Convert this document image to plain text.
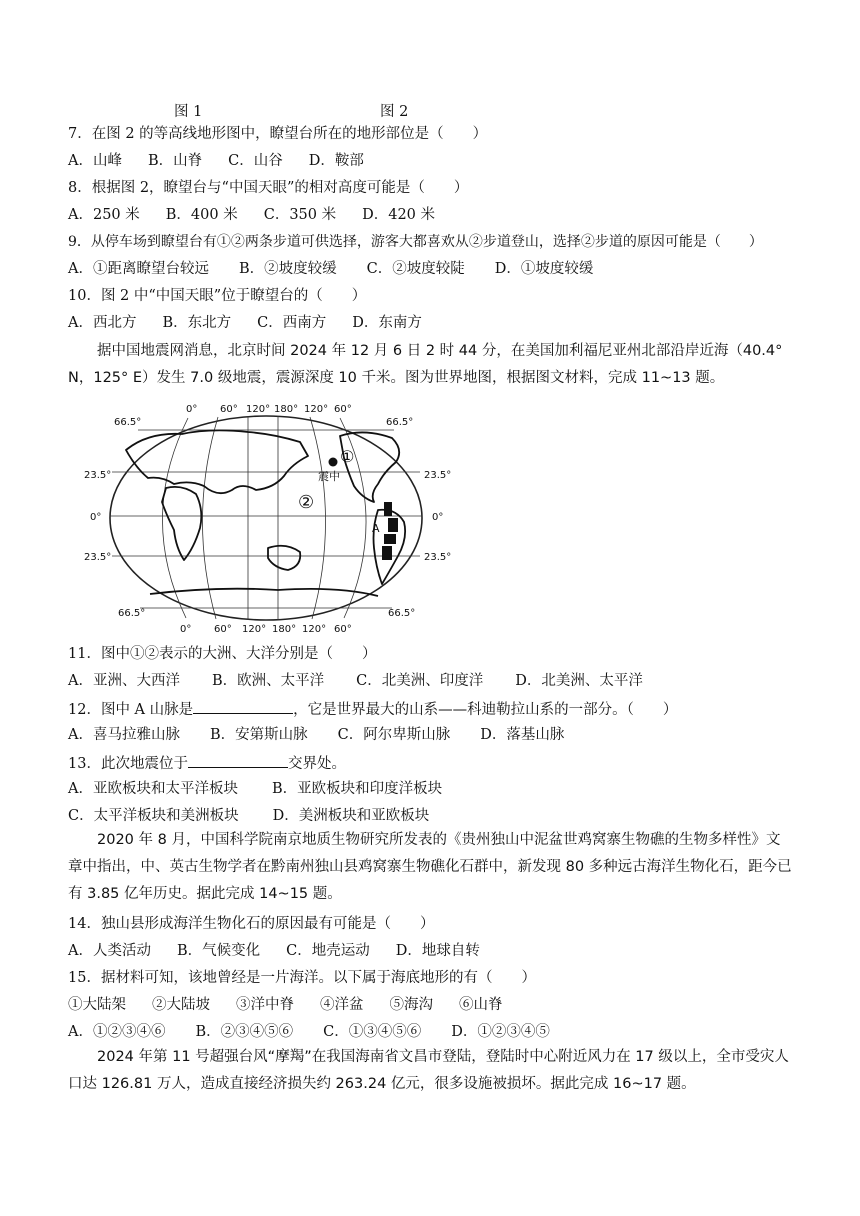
图 1	图 2
7．在图 2 的等高线地形图中，瞭望台所在的地形部位是（　　）
A．山峰 B．山脊 C．山谷 D．鞍部
8．根据图 2，瞭望台与“中国天眼”的相对高度可能是（　　）
A．250 米 B．400 米 C．350 米 D．420 米
9．从停车场到瞭望台有①②两条步道可供选择，游客大都喜欢从②步道登山，选择②步道的原因可能是（　　）
A．①距离瞭望台较远 B．②坡度较缓 C．②坡度较陡 D．①坡度较缓
10．图 2 中“中国天眼”位于瞭望台的（　　）
A．西北方 B．东北方 C．西南方 D．东南方
据中国地震网消息，北京时间 2024 年 12 月 6 日 2 时 44 分，在美国加利福尼亚州北部沿岸近海（40.4° N，125° E）发生 7.0 级地震，震源深度 10 千米。图为世界地图，根据图文材料，完成 11~13 题。
0° 60° 120° 180° 120° 60°
0° 60° 120° 180° 120° 60°
66.5°
23.5°
0°
23.5°
66.5°
66.5°
23.5°
0°
23.5°
66.5°
①
震中
②
A
11．图中①②表示的大洲、大洋分别是（　　）
A．亚洲、大西洋 B．欧洲、太平洋 C．北美洲、印度洋 D．北美洲、太平洋
12．图中 A 山脉是	，它是世界最大的山系——科迪勒拉山系的一部分。（　　）
A．喜马拉雅山脉 B．安第斯山脉 C．阿尔卑斯山脉 D．落基山脉
13．此次地震位于	交界处。
A．亚欧板块和太平洋板块 B．亚欧板块和印度洋板块
C．太平洋板块和美洲板块 D．美洲板块和亚欧板块
2020 年 8 月，中国科学院南京地质生物研究所发表的《贵州独山中泥盆世鸡窝寨生物礁的生物多样性》文章中指出，中、英古生物学者在黔南州独山县鸡窝寨生物礁化石群中，新发现 80 多种远古海洋生物化石，距今已有 3.85 亿年历史。据此完成 14~15 题。
14．独山县形成海洋生物化石的原因最有可能是（　　）
A．人类活动 B．气候变化 C．地壳运动 D．地球自转
15．据材料可知，该地曾经是一片海洋。以下属于海底地形的有（　　）
①大陆架 ②大陆坡 ③洋中脊 ④洋盆 ⑤海沟 ⑥山脊
A．①②③④⑥ B．②③④⑤⑥ C．①③④⑤⑥ D．①②③④⑤
2024 年第 11 号超强台风“摩羯”在我国海南省文昌市登陆，登陆时中心附近风力在 17 级以上，全市受灾人口达 126.81 万人，造成直接经济损失约 263.24 亿元，很多设施被损坏。据此完成 16~17 题。
